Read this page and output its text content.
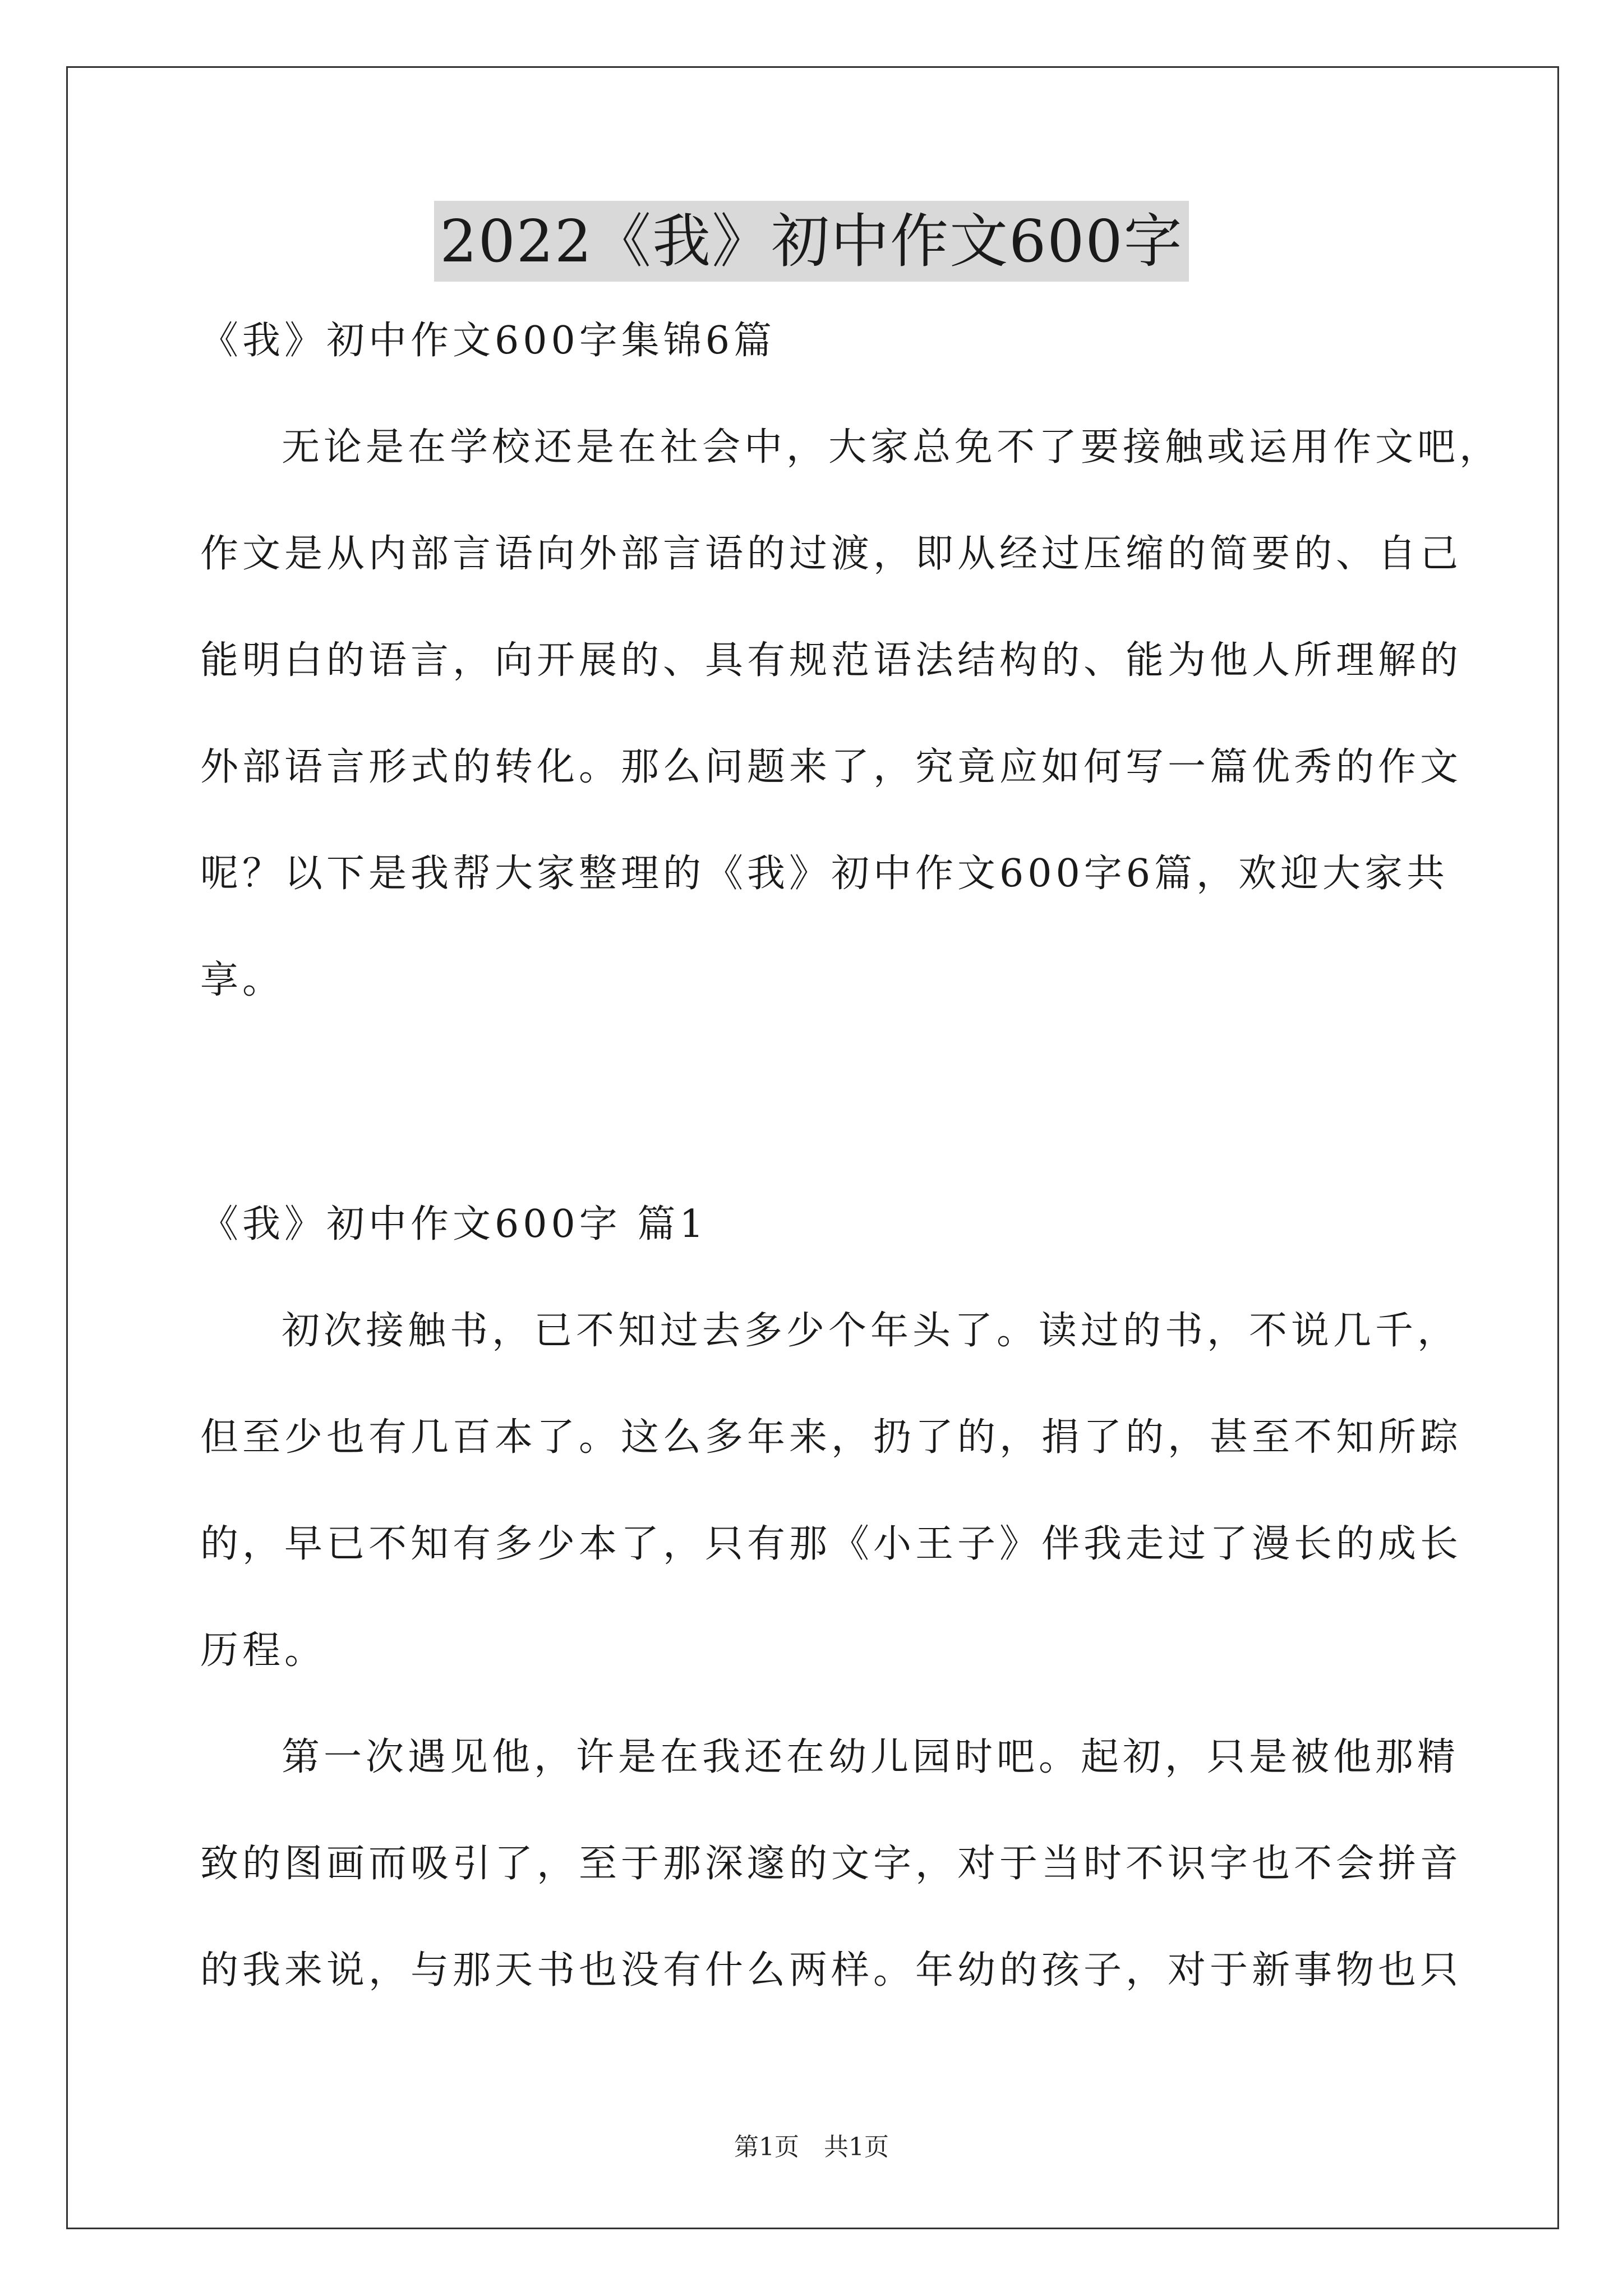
2022《我》初中作文600字
《我》初中作文600字集锦6篇
无论是在学校还是在社会中，大家总免不了要接触或运用作文吧，
作文是从内部言语向外部言语的过渡，即从经过压缩的简要的、自己
能明白的语言，向开展的、具有规范语法结构的、能为他人所理解的
外部语言形式的转化。那么问题来了，究竟应如何写一篇优秀的作文
呢？以下是我帮大家整理的《我》初中作文600字6篇，欢迎大家共
享。
《我》初中作文600字 篇1
初次接触书，已不知过去多少个年头了。读过的书，不说几千，
但至少也有几百本了。这么多年来，扔了的，捐了的，甚至不知所踪
的，早已不知有多少本了，只有那《小王子》伴我走过了漫长的成长
历程。
第一次遇见他，许是在我还在幼儿园时吧。起初，只是被他那精
致的图画而吸引了，至于那深邃的文字，对于当时不识字也不会拼音
的我来说，与那天书也没有什么两样。年幼的孩子，对于新事物也只
第1页　共1页
